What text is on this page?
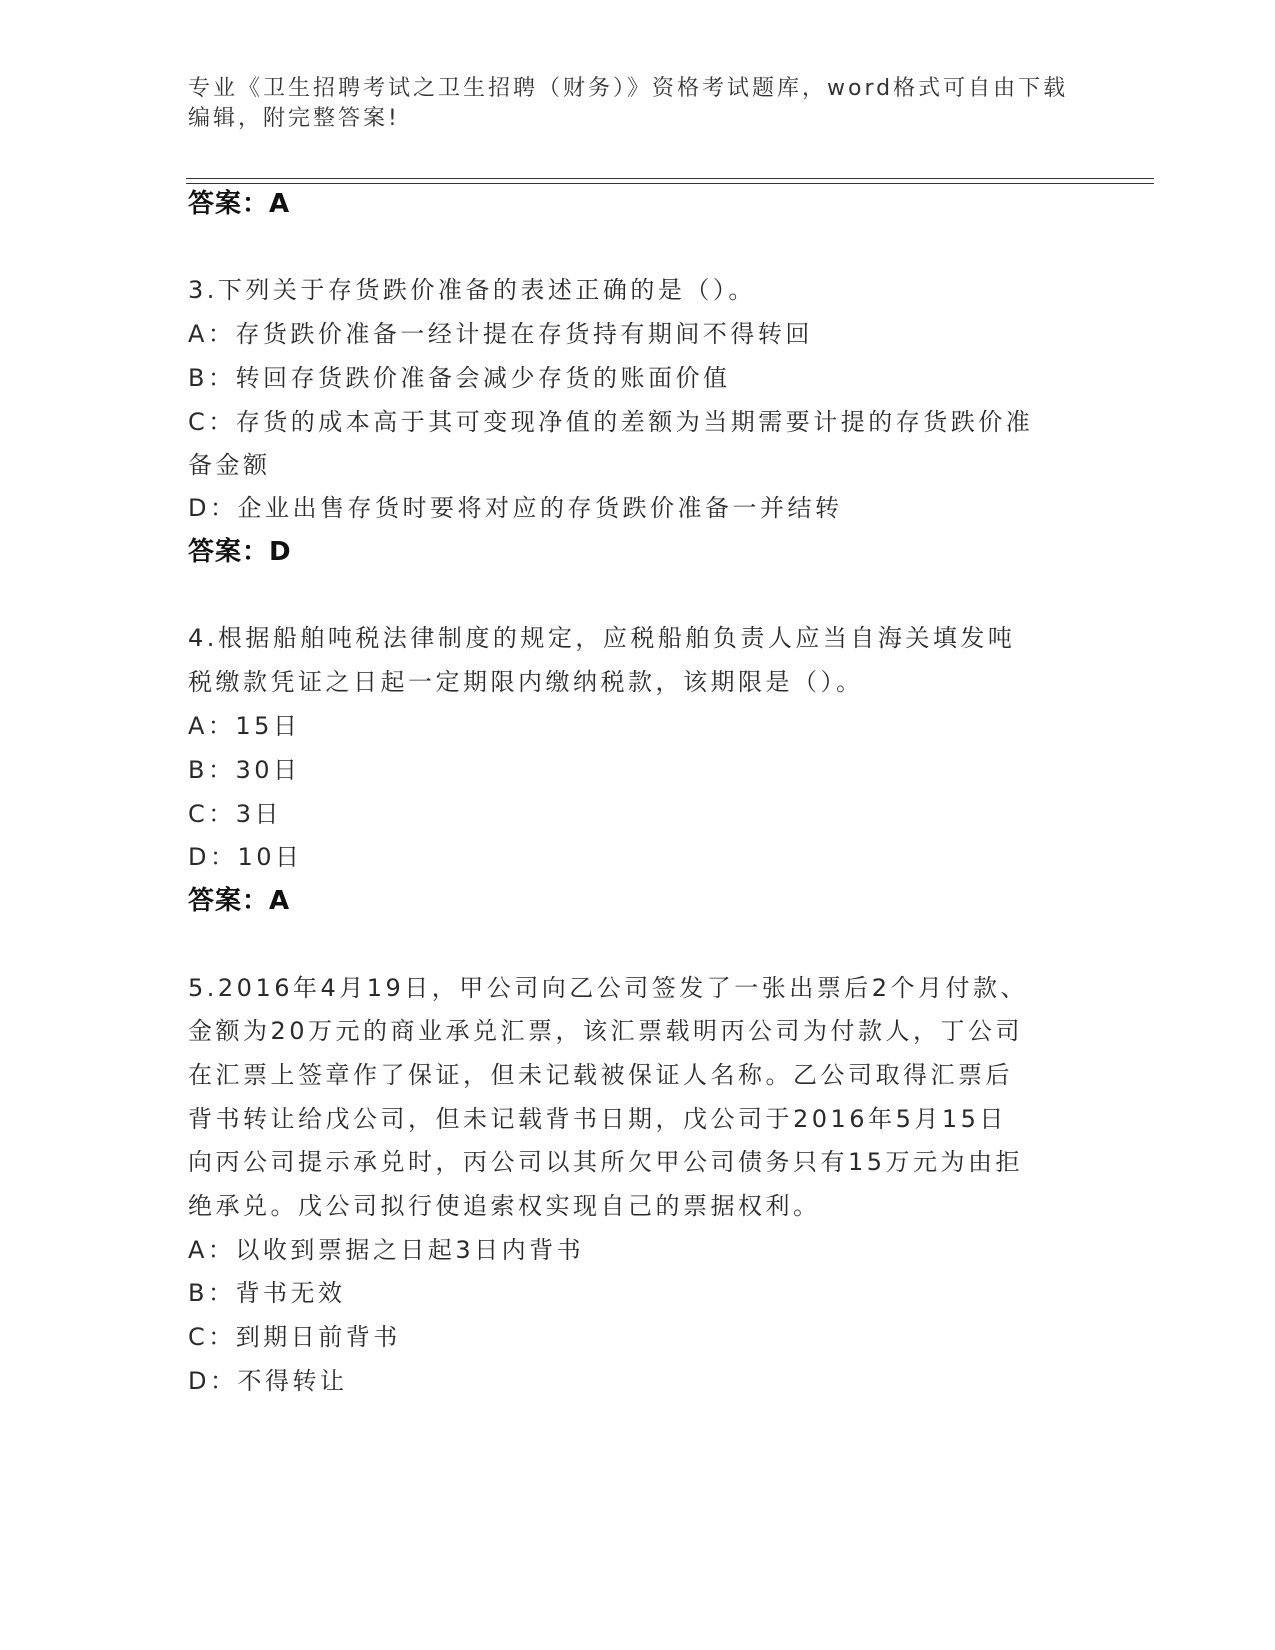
专业《卫生招聘考试之卫生招聘（财务）》资格考试题库，word格式可自由下载
编辑，附完整答案!
答案：A
3.下列关于存货跌价准备的表述正确的是（）。
A：存货跌价准备一经计提在存货持有期间不得转回
B：转回存货跌价准备会减少存货的账面价值
C：存货的成本高于其可变现净值的差额为当期需要计提的存货跌价准
备金额
D：企业出售存货时要将对应的存货跌价准备一并结转
答案：D
4.根据船舶吨税法律制度的规定，应税船舶负责人应当自海关填发吨
税缴款凭证之日起一定期限内缴纳税款，该期限是（）。
A：15日
B：30日
C：3日
D：10日
答案：A
5.2016年4月19日，甲公司向乙公司签发了一张出票后2个月付款、
金额为20万元的商业承兑汇票，该汇票载明丙公司为付款人，丁公司
在汇票上签章作了保证，但未记载被保证人名称。乙公司取得汇票后
背书转让给戊公司，但未记载背书日期，戊公司于2016年5月15日
向丙公司提示承兑时，丙公司以其所欠甲公司债务只有15万元为由拒
绝承兑。戊公司拟行使追索权实现自己的票据权利。
A：以收到票据之日起3日内背书
B：背书无效
C：到期日前背书
D：不得转让
